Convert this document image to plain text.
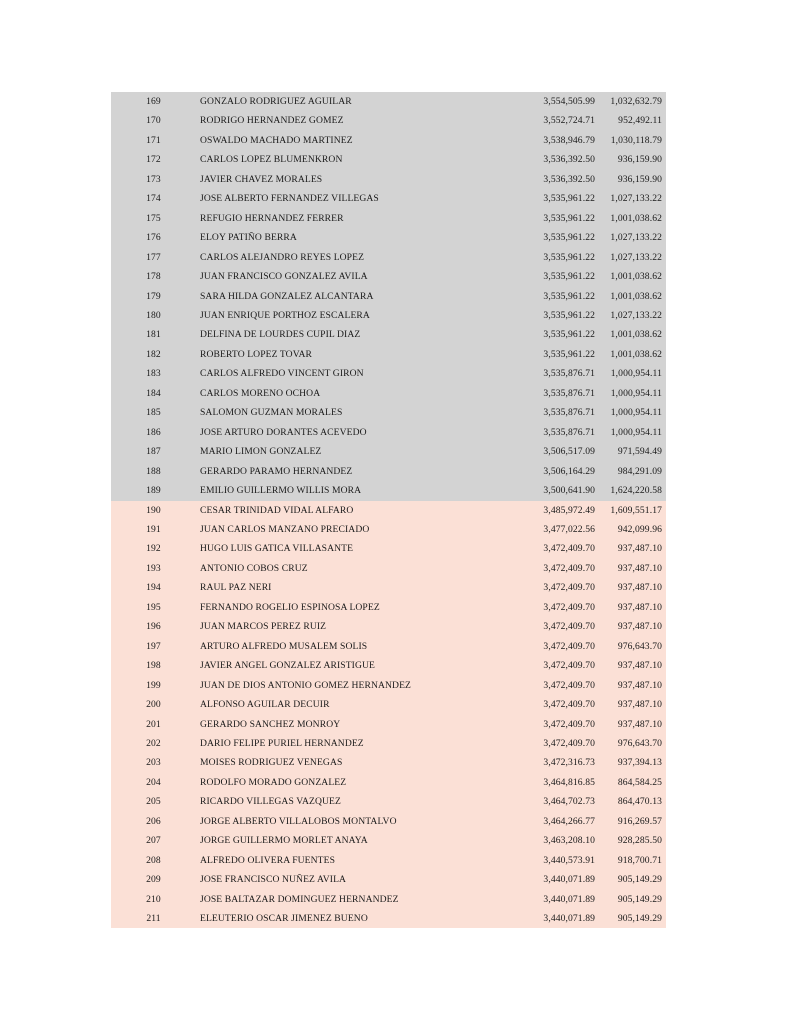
169	GONZALO RODRIGUEZ AGUILAR	3,554,505.99	1,032,632.79
170	RODRIGO HERNANDEZ GOMEZ	3,552,724.71	952,492.11
171	OSWALDO MACHADO MARTINEZ	3,538,946.79	1,030,118.79
172	CARLOS LOPEZ BLUMENKRON	3,536,392.50	936,159.90
173	JAVIER CHAVEZ MORALES	3,536,392.50	936,159.90
174	JOSE ALBERTO FERNANDEZ VILLEGAS	3,535,961.22	1,027,133.22
175	REFUGIO HERNANDEZ FERRER	3,535,961.22	1,001,038.62
176	ELOY PATIÑO BERRA	3,535,961.22	1,027,133.22
177	CARLOS ALEJANDRO REYES LOPEZ	3,535,961.22	1,027,133.22
178	JUAN FRANCISCO GONZALEZ AVILA	3,535,961.22	1,001,038.62
179	SARA HILDA GONZALEZ ALCANTARA	3,535,961.22	1,001,038.62
180	JUAN ENRIQUE PORTHOZ ESCALERA	3,535,961.22	1,027,133.22
181	DELFINA DE LOURDES CUPIL DIAZ	3,535,961.22	1,001,038.62
182	ROBERTO LOPEZ TOVAR	3,535,961.22	1,001,038.62
183	CARLOS ALFREDO VINCENT GIRON	3,535,876.71	1,000,954.11
184	CARLOS MORENO OCHOA	3,535,876.71	1,000,954.11
185	SALOMON GUZMAN MORALES	3,535,876.71	1,000,954.11
186	JOSE ARTURO DORANTES ACEVEDO	3,535,876.71	1,000,954.11
187	MARIO LIMON GONZALEZ	3,506,517.09	971,594.49
188	GERARDO PARAMO HERNANDEZ	3,506,164.29	984,291.09
189	EMILIO GUILLERMO WILLIS MORA	3,500,641.90	1,624,220.58
190	CESAR TRINIDAD VIDAL ALFARO	3,485,972.49	1,609,551.17
191	JUAN CARLOS MANZANO PRECIADO	3,477,022.56	942,099.96
192	HUGO LUIS GATICA VILLASANTE	3,472,409.70	937,487.10
193	ANTONIO COBOS CRUZ	3,472,409.70	937,487.10
194	RAUL PAZ NERI	3,472,409.70	937,487.10
195	FERNANDO ROGELIO ESPINOSA LOPEZ	3,472,409.70	937,487.10
196	JUAN MARCOS PEREZ RUIZ	3,472,409.70	937,487.10
197	ARTURO ALFREDO MUSALEM SOLIS	3,472,409.70	976,643.70
198	JAVIER ANGEL GONZALEZ ARISTIGUE	3,472,409.70	937,487.10
199	JUAN DE DIOS ANTONIO GOMEZ HERNANDEZ	3,472,409.70	937,487.10
200	ALFONSO AGUILAR DECUIR	3,472,409.70	937,487.10
201	GERARDO SANCHEZ MONROY	3,472,409.70	937,487.10
202	DARIO FELIPE PURIEL HERNANDEZ	3,472,409.70	976,643.70
203	MOISES RODRIGUEZ VENEGAS	3,472,316.73	937,394.13
204	RODOLFO MORADO GONZALEZ	3,464,816.85	864,584.25
205	RICARDO VILLEGAS VAZQUEZ	3,464,702.73	864,470.13
206	JORGE ALBERTO VILLALOBOS MONTALVO	3,464,266.77	916,269.57
207	JORGE GUILLERMO MORLET ANAYA	3,463,208.10	928,285.50
208	ALFREDO OLIVERA FUENTES	3,440,573.91	918,700.71
209	JOSE FRANCISCO NUÑEZ AVILA	3,440,071.89	905,149.29
210	JOSE BALTAZAR DOMINGUEZ HERNANDEZ	3,440,071.89	905,149.29
211	ELEUTERIO OSCAR JIMENEZ BUENO	3,440,071.89	905,149.29
